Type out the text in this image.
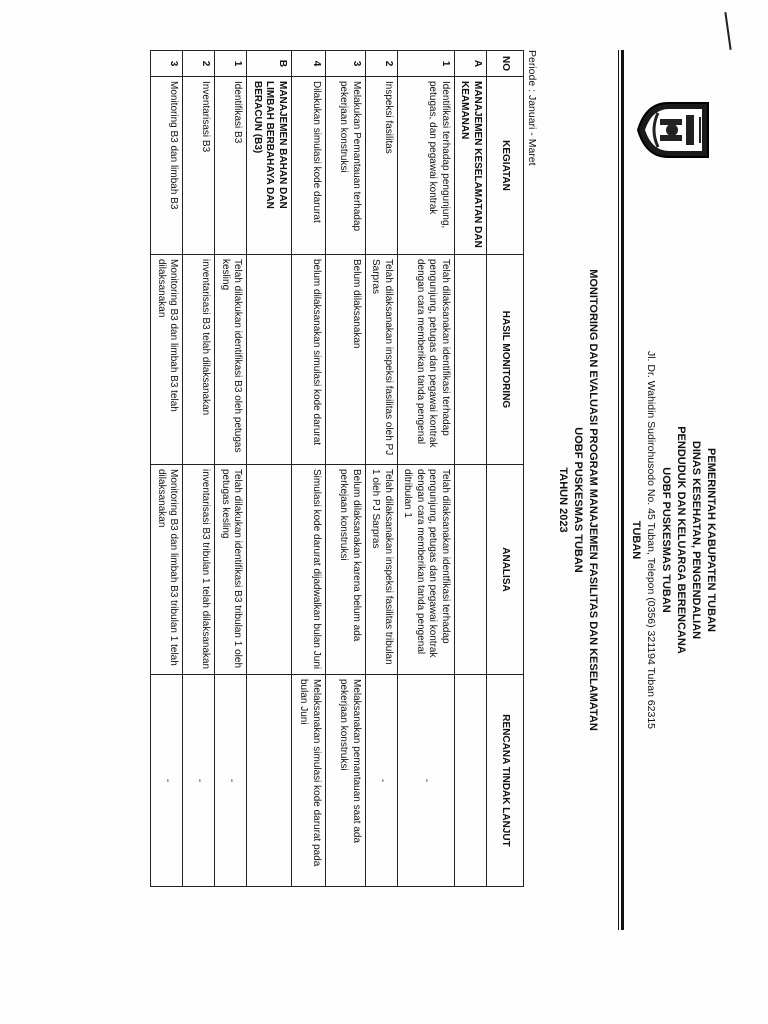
PEMERINTAH KABUPATEN TUBAN
DINAS KESEHATAN, PENGENDALIAN
PENDUDUK DAN KELUARGA BERENCANA
UOBF PUSKESMAS TUBAN
Jl. Dr. Wahidin Sudirohusodo No. 45 Tuban, Telepon (0356) 321194 Tuban 62315
TUBAN
MONITORING DAN EVALUASI PROGRAM MANAJEMEN FASILITAS DAN KESELAMATAN
UOBF PUSKESMAS TUBAN
TAHUN 2023
Periode : Januari - Maret
NO	KEGIATAN	HASIL MONITORING	ANALISA	RENCANA TINDAK LANJUT
A	MANAJEMEN KESELAMATAN DAN KEAMANAN			
1	Identifikasi terhadap pengunjung, petugas, dan pegawai kontrak	Telah dilaksanakan identifikasi terhadap pengunjung, petugas dan pegawai kontrak dengan cara memberikan tanda pengenal	Telah dilaksanakan identfikasi terhadap pengunjung, petugas dan pegawai kontrak dengan cara memberikan tanda pengenal ditribulan 1	-
2	Inspeksi fasilitas	Telah dilaksanakan inspeksi fasilitas oleh PJ Sarpras	Telah dilaksanakan inspeksi fasilitas tribulan 1 oleh PJ Sarpras	-
3	Melakukan Pemantauan terhadap pekerjaan konstruksi	Belum dilaksanakan	Belum dilaksanakan karena belum ada perkejaan konstruksi	Melaksanakan pemantauan saat ada pekerjaan konstruksi
4	Dilakukan simulasi kode darurat	belum dilaksanakan simulasi kode darurat	Simulasi kode darurat dijadwalkan bulan Juni	Melaksanakan simulasi kode darurat pada bulan Juni
B	MANAJEMEN BAHAN DAN LIMBAH BERBAHAYA DAN BERACUN (B3)			
1	Identifikasi B3	Telah dilakukan identifikasi B3 oleh petugas kesling	Telah dilakukan identifikasi B3 tribulan 1 oleh petugas kesling	-
2	Inventarisasi B3	inventarisasi B3 telah dilaksanakan	inventarisasi B3 tribulan 1 telah dilaksanakan	-
3	Monitoring B3 dan limbah B3	Monitoring B3 dan limbah B3 telah dilaksanakan	Monitoring B3 dan limbah B3 tribulan 1 telah dilaksanakan	-
